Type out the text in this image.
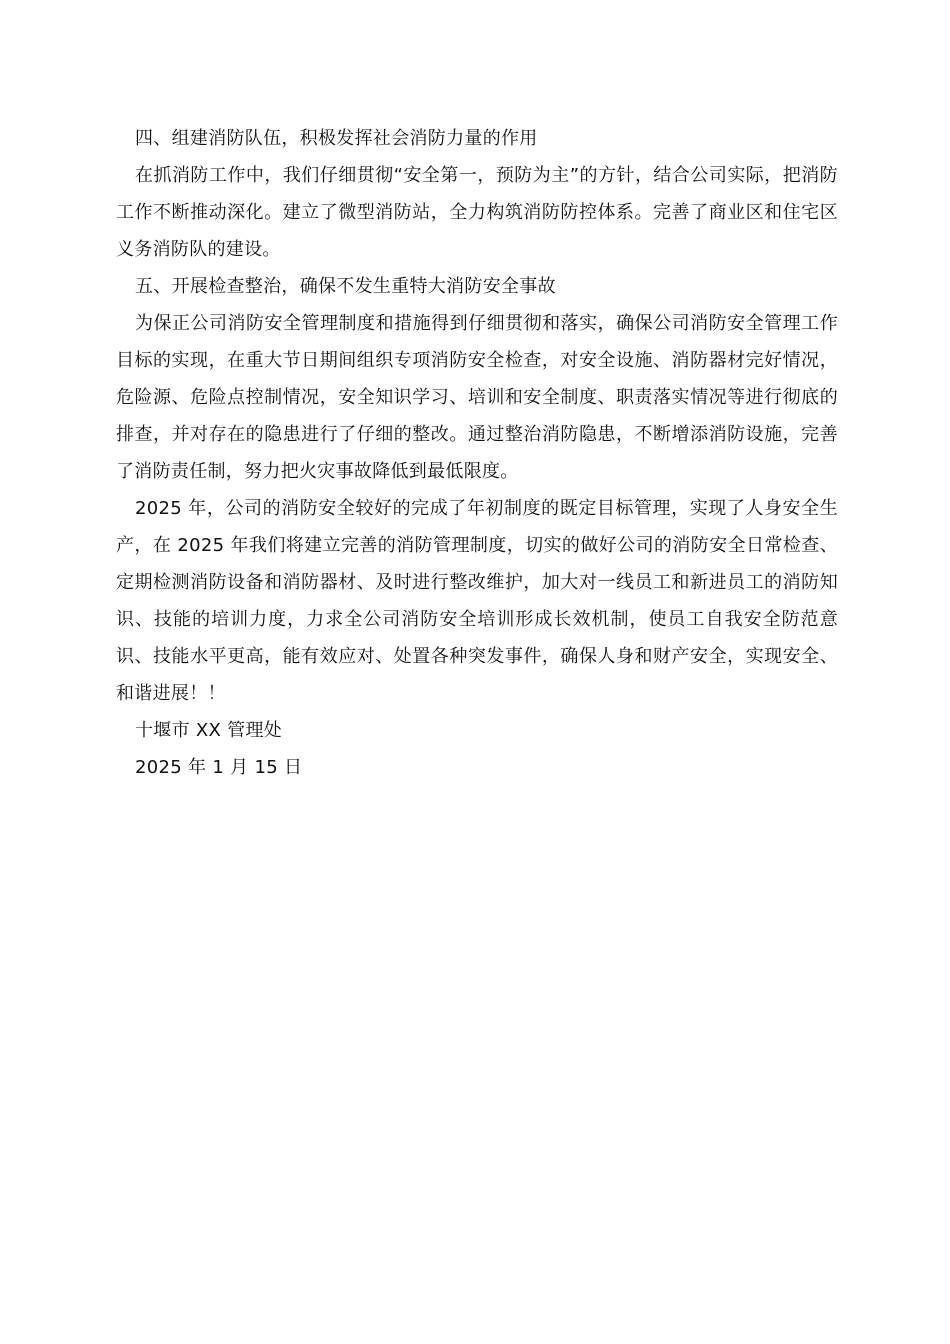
四、组建消防队伍，积极发挥社会消防力量的作用

在抓消防工作中，我们仔细贯彻“安全第一，预防为主”的方针，结合公司实际，把消防工作不断推动深化。建立了微型消防站，全力构筑消防防控体系。完善了商业区和住宅区义务消防队的建设。

五、开展检查整治，确保不发生重特大消防安全事故

为保正公司消防安全管理制度和措施得到仔细贯彻和落实，确保公司消防安全管理工作目标的实现，在重大节日期间组织专项消防安全检查，对安全设施、消防器材完好情况，危险源、危险点控制情况，安全知识学习、培训和安全制度、职责落实情况等进行彻底的排查，并对存在的隐患进行了仔细的整改。通过整治消防隐患，不断增添消防设施，完善了消防责任制，努力把火灾事故降低到最低限度。

2025 年，公司的消防安全较好的完成了年初制度的既定目标管理，实现了人身安全生产，在 2025 年我们将建立完善的消防管理制度，切实的做好公司的消防安全日常检查、定期检测消防设备和消防器材、及时进行整改维护，加大对一线员工和新进员工的消防知识、技能的培训力度，力求全公司消防安全培训形成长效机制，使员工自我安全防范意识、技能水平更高，能有效应对、处置各种突发事件，确保人身和财产安全，实现安全、和谐进展！！

十堰市 XX 管理处

2025 年 1 月 15 日
